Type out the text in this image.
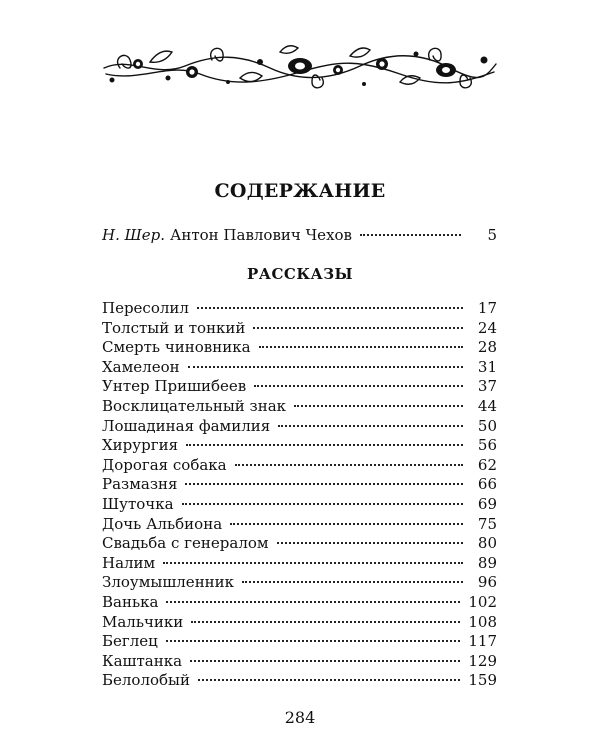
СОДЕРЖАНИЕ
Н. Шер. Антон Павлович Чехов	5
РАССКАЗЫ
Пересолил	17
Толстый и тонкий	24
Смерть чиновника	28
Хамелеон	31
Унтер Пришибеев	37
Восклицательный знак	44
Лошадиная фамилия	50
Хирургия	56
Дорогая собака	62
Размазня	66
Шуточка	69
Дочь Альбиона	75
Свадьба с генералом	80
Налим	89
Злоумышленник	96
Ванька	102
Мальчики	108
Беглец	117
Каштанка	129
Белолобый	159
284
